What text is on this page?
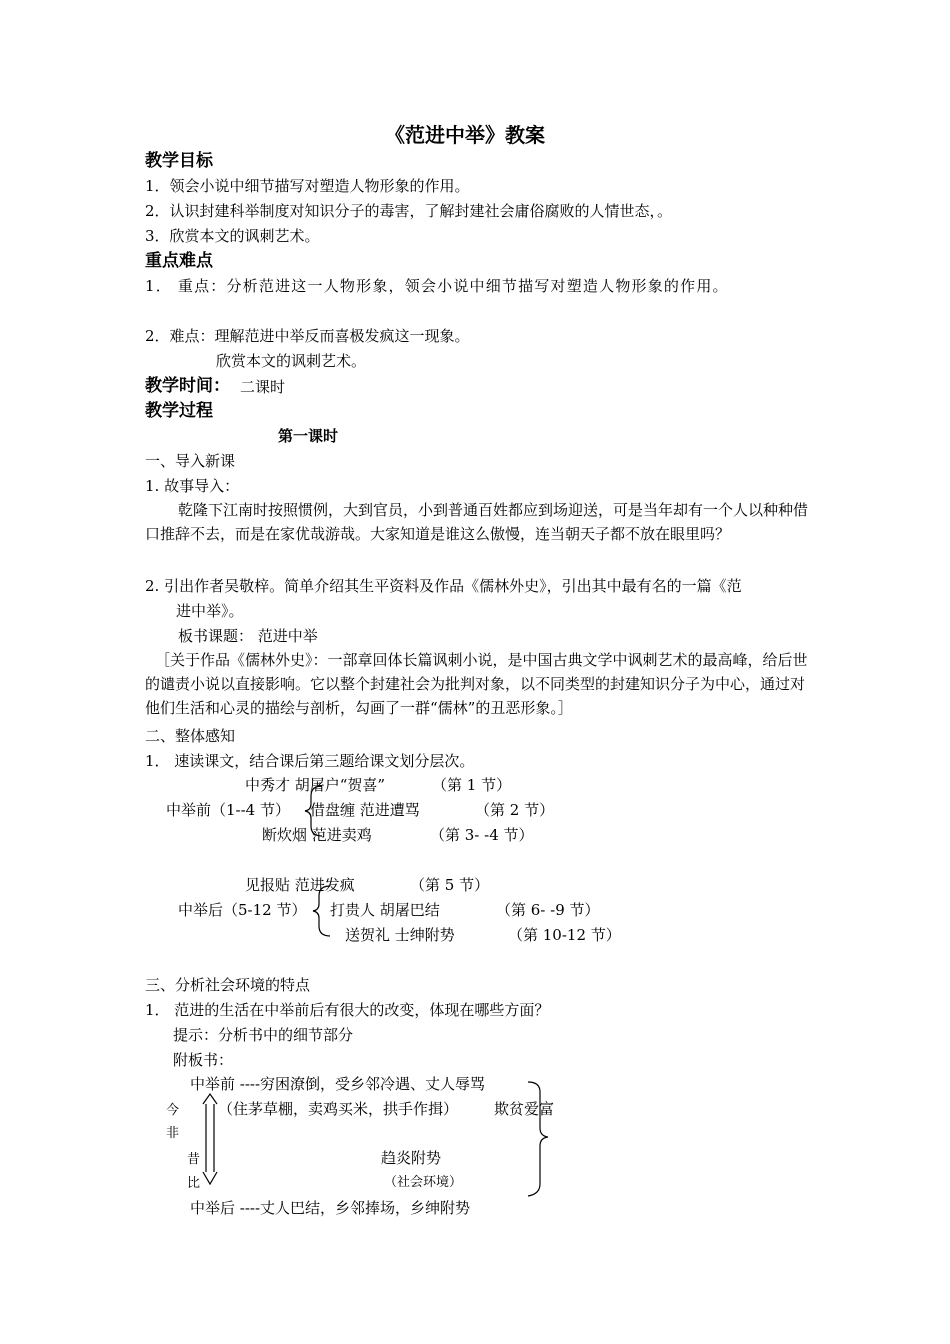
《范进中举》教案
教学目标
1．领会小说中细节描写对塑造人物形象的作用。
2．认识封建科举制度对知识分子的毒害，了解封建社会庸俗腐败的人情世态，。
3．欣赏本文的讽刺艺术。
重点难点
1． 重点：分析范进这一人物形象，领会小说中细节描写对塑造人物形象的作用。
2．难点：理解范进中举反而喜极发疯这一现象。
欣赏本文的讽刺艺术。
教学时间： 二课时
教学过程
第一课时
一、导入新课
1. 故事导入：
乾隆下江南时按照惯例，大到官员，小到普通百姓都应到场迎送，可是当年却有一个人以种种借口推辞不去，而是在家优哉游哉。大家知道是谁这么傲慢，连当朝天子都不放在眼里吗？
2. 引出作者吴敬梓。简单介绍其生平资料及作品《儒林外史》，引出其中最有名的一篇《范
进中举》。
板书课题： 范进中举
［关于作品《儒林外史》：一部章回体长篇讽刺小说，是中国古典文学中讽刺艺术的最高峰，给后世的谴责小说以直接影响。它以整个封建社会为批判对象，以不同类型的封建知识分子为中心，通过对他们生活和心灵的描绘与剖析，勾画了一群“儒林”的丑恶形象。］
二、整体感知
1． 速读课文，结合课后第三题给课文划分层次。
中举前（1--4 节）
中秀才 胡屠户“贺喜”	（第 1 节）
借盘缠 范进遭骂	（第 2 节）
断炊烟 范进卖鸡	（第 3- -4 节）
中举后（5-12 节）
见报贴 范进发疯	（第 5 节）
打贵人 胡屠巴结	（第 6- -9 节）
送贺礼 士绅附势	（第 10-12 节）
三、分析社会环境的特点
1． 范进的生活在中举前后有很大的改变，体现在哪些方面？
提示：分析书中的细节部分
附板书：
中举前 ----穷困潦倒，受乡邻冷遇、丈人辱骂
（住茅草棚，卖鸡买米，拱手作揖） 欺贫爱富
趋炎附势
（社会环境）
中举后 ----丈人巴结，乡邻捧场，乡绅附势
今
非
昔
比
